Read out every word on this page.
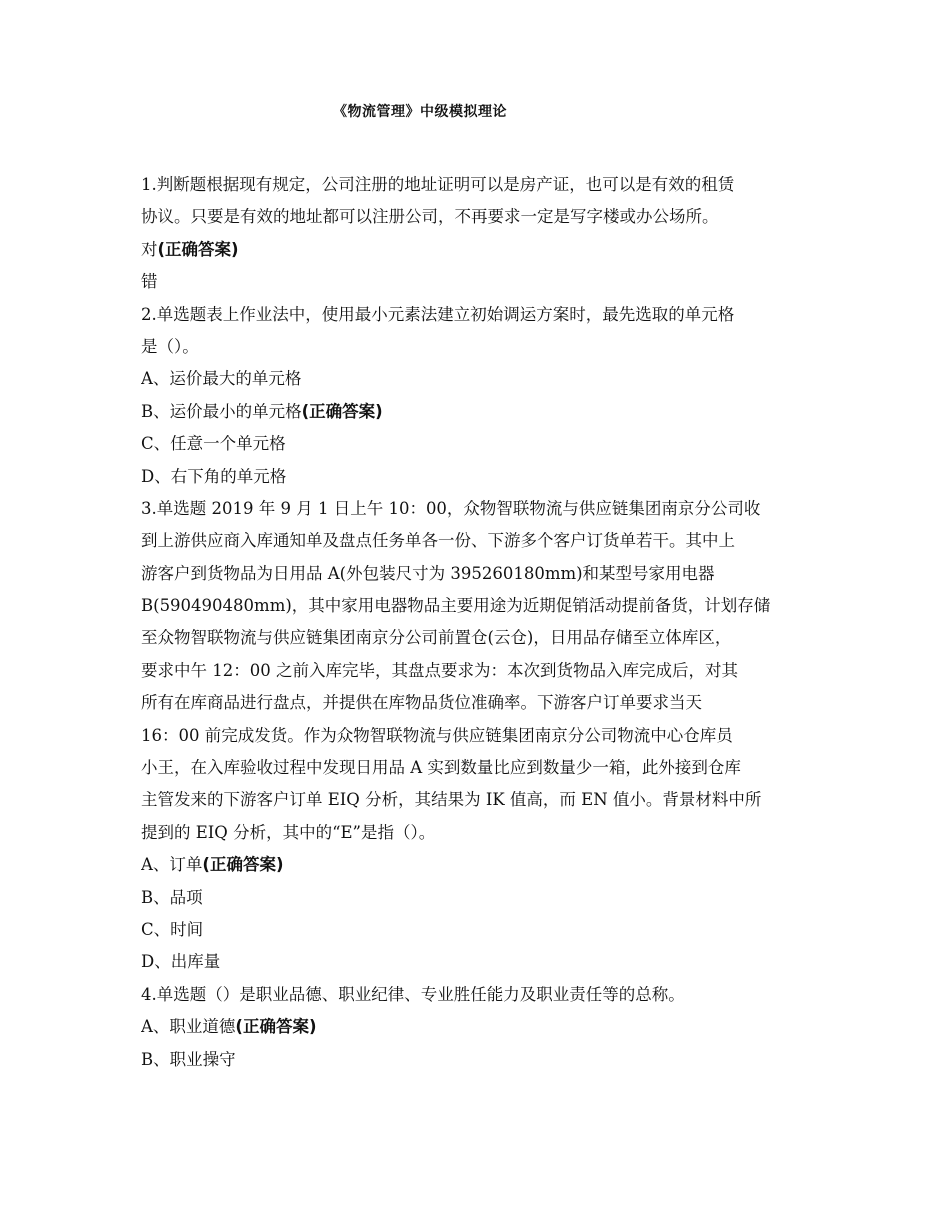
《物流管理》中级模拟理论
1.判断题根据现有规定，公司注册的地址证明可以是房产证，也可以是有效的租赁
协议。只要是有效的地址都可以注册公司，不再要求一定是写字楼或办公场所。
对(正确答案)
错
2.单选题表上作业法中，使用最小元素法建立初始调运方案时，最先选取的单元格
是（）。
A、运价最大的单元格
B、运价最小的单元格(正确答案)
C、任意一个单元格
D、右下角的单元格
3.单选题 2019 年 9 月 1 日上午 10：00，众物智联物流与供应链集团南京分公司收
到上游供应商入库通知单及盘点任务单各一份、下游多个客户订货单若干。其中上
游客户到货物品为日用品 A(外包装尺寸为 395260180mm)和某型号家用电器
B(590490480mm)，其中家用电器物品主要用途为近期促销活动提前备货，计划存储
至众物智联物流与供应链集团南京分公司前置仓(云仓)，日用品存储至立体库区，
要求中午 12：00 之前入库完毕，其盘点要求为：本次到货物品入库完成后，对其
所有在库商品进行盘点，并提供在库物品货位准确率。下游客户订单要求当天
16：00 前完成发货。作为众物智联物流与供应链集团南京分公司物流中心仓库员
小王，在入库验收过程中发现日用品 A 实到数量比应到数量少一箱，此外接到仓库
主管发来的下游客户订单 EIQ 分析，其结果为 IK 值高，而 EN 值小。背景材料中所
提到的 EIQ 分析，其中的“E”是指（）。
A、订单(正确答案)
B、品项
C、时间
D、出库量
4.单选题（）是职业品德、职业纪律、专业胜任能力及职业责任等的总称。
A、职业道德(正确答案)
B、职业操守
